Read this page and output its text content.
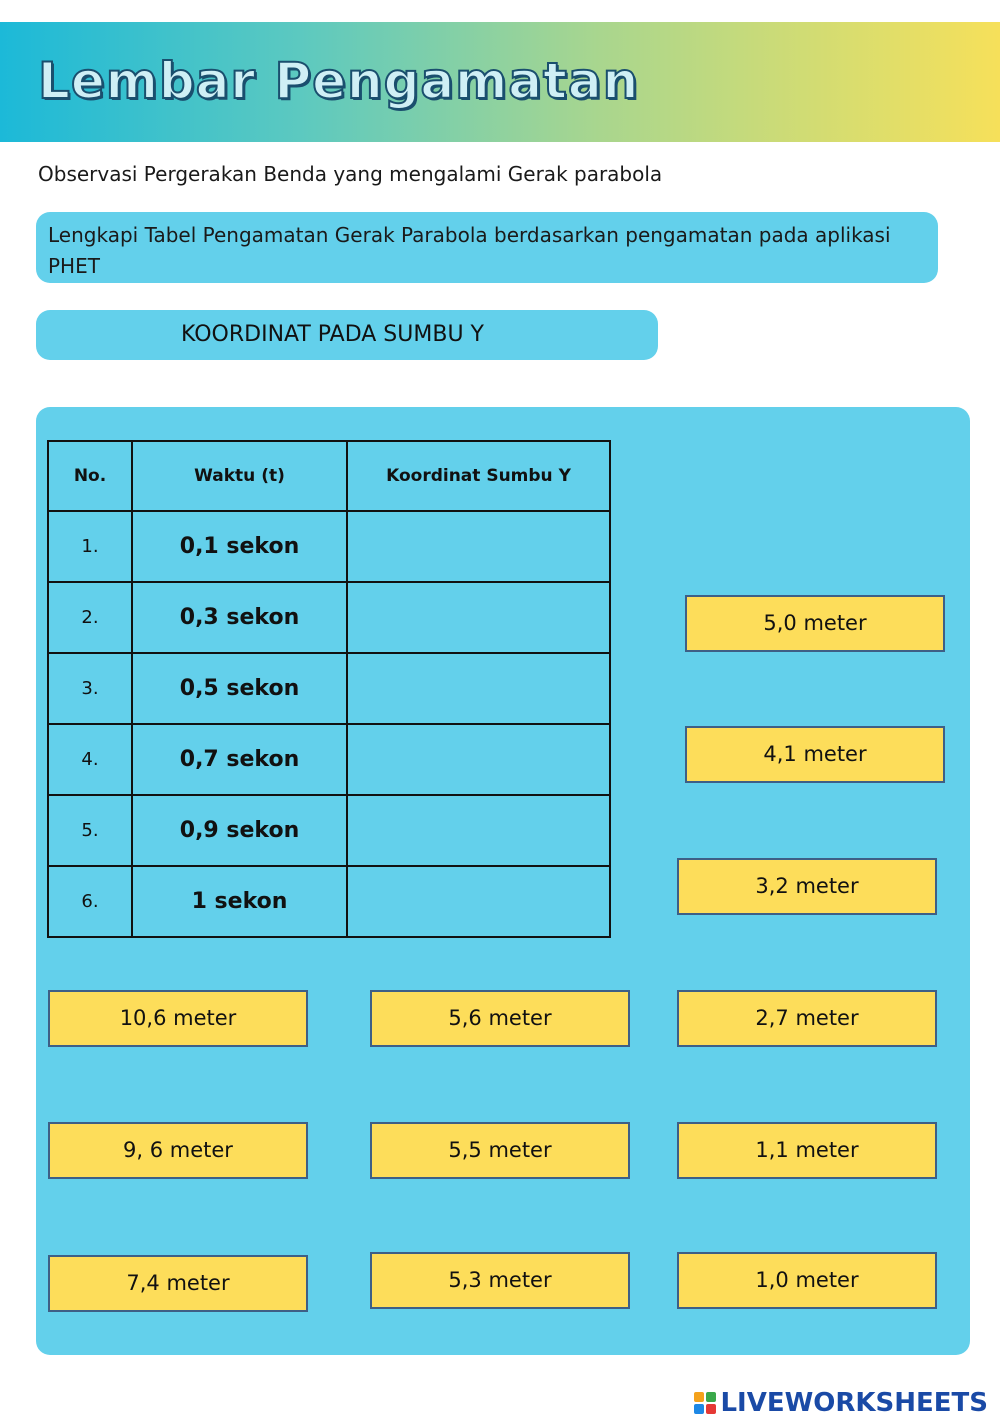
Lembar Pengamatan
Observasi Pergerakan Benda yang mengalami Gerak parabola
Lengkapi Tabel Pengamatan Gerak Parabola berdasarkan pengamatan pada aplikasi PHET
KOORDINAT PADA SUMBU Y
No.	Waktu (t)	Koordinat Sumbu Y
1.	0,1 sekon	
2.	0,3 sekon	
3.	0,5 sekon	
4.	0,7 sekon	
5.	0,9 sekon	
6.	1 sekon	
5,0 meter
4,1 meter
3,2 meter
10,6 meter	5,6 meter	2,7 meter
9, 6 meter	5,5 meter	1,1 meter
7,4 meter	5,3 meter	1,0 meter
LIVEWORKSHEETS
